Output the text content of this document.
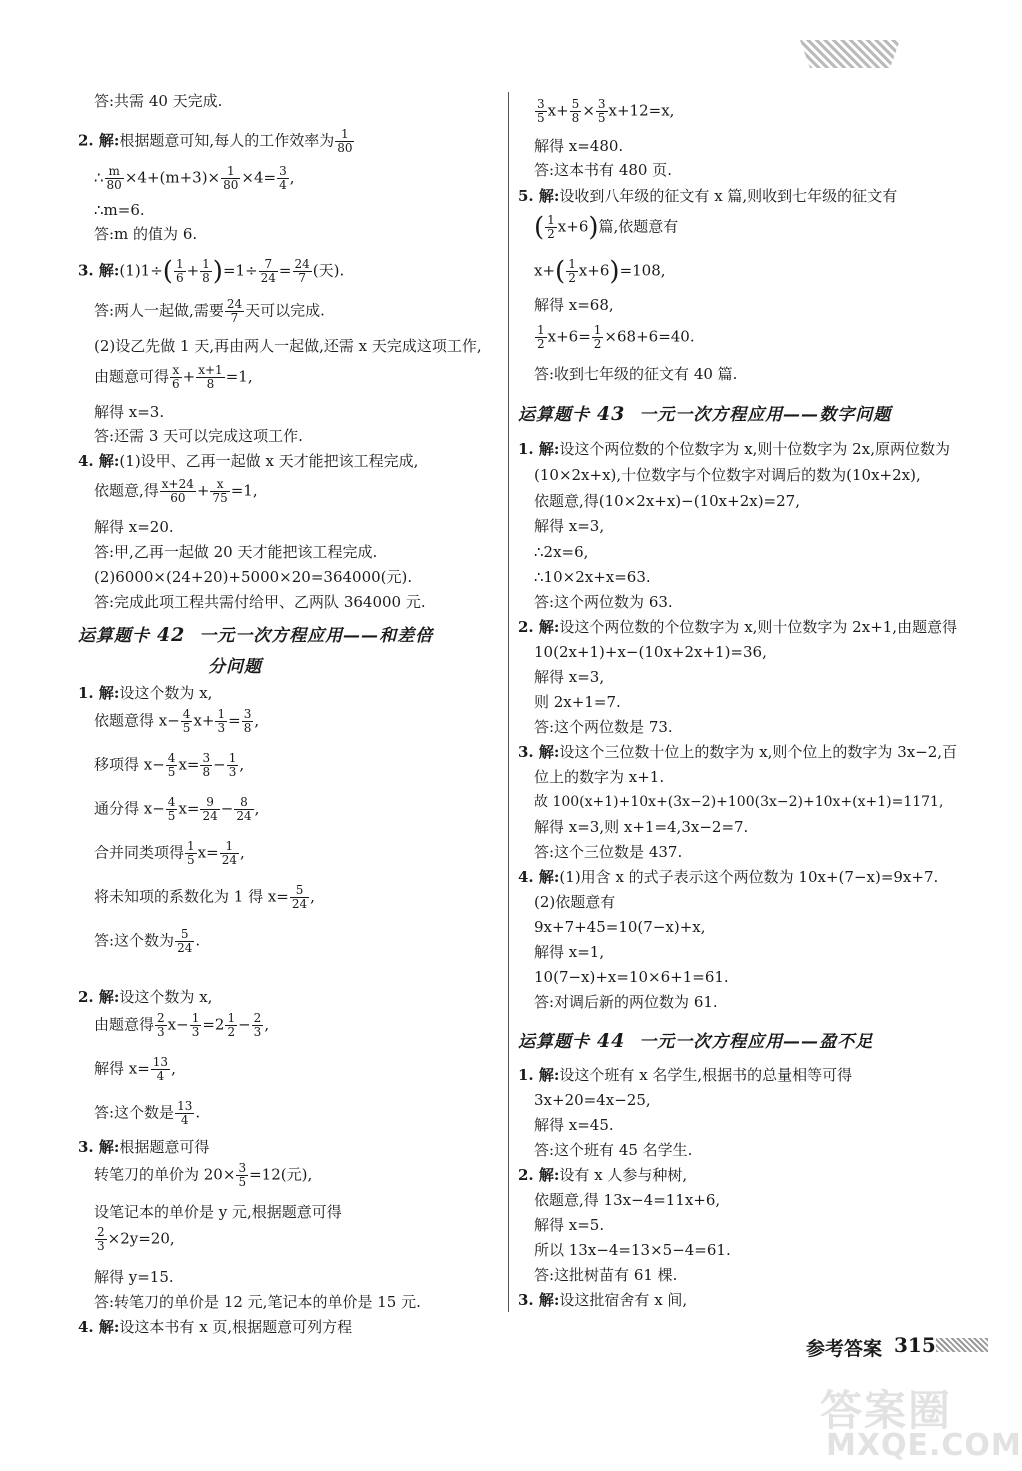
答:共需 40 天完成.
2. 解:根据题意可知,每人的工作效率为 $\frac{1}{80}$
∴ $\frac{m}{80} \times 4+(m+3)\times \frac{1}{80} \times 4= \frac{3}{4}$ ,
∴m=6.
答:m 的值为 6.
3. 解:(1)1÷( $\frac{1}{6} + \frac{1}{8} )=1\div \frac{7}{24} = \frac{24}{7}$ (天).
答:两人一起做,需要 $\frac{24}{7}$ 天可以完成.
(2)设乙先做 1 天,再由两人一起做,还需 x 天完成这项工作,
由题意可得 $\frac{x}{6} + \frac{x+1}{8} =1$,
解得 x=3.
答:还需 3 天可以完成这项工作.
4. 解:(1)设甲、乙再一起做 x 天才能把该工程完成,
依题意,得 $\frac{x+24}{60} + \frac{x}{75} =1$,
解得 x=20.
答:甲,乙再一起做 20 天才能把该工程完成.
(2)6000×(24+20)+5000×20=364000(元).
答:完成此项工程共需付给甲、乙两队 364000 元.
运算题卡 42 一元一次方程应用——和差倍
分问题
1. 解:设这个数为 x,
依题意得 $x- \frac{4}{5} x+ \frac{1}{3} = \frac{3}{8}$ ,
移项得 $x- \frac{4}{5} x= \frac{3}{8} - \frac{1}{3}$ ,
通分得 $x- \frac{4}{5} x= \frac{9}{24} - \frac{8}{24}$ ,
合并同类项得 $\frac{1}{5} x= \frac{1}{24}$ ,
将未知项的系数化为 1 得 $x= \frac{5}{24}$ ,
答:这个数为 $\frac{5}{24}$ .
2. 解:设这个数为 x,
由题意得 $\frac{2}{3} x- \frac{1}{3} =2 \frac{1}{2} - \frac{2}{3}$ ,
解得 $x= \frac{13}{4}$ ,
答:这个数是 $\frac{13}{4}$ .
3. 解:根据题意可得
转笔刀的单价为 $20\times \frac{3}{5} =12$(元),
设笔记本的单价是 y 元,根据题意可得
$\frac{2}{3} \times 2y=20$,
解得 y=15.
答:转笔刀的单价是 12 元,笔记本的单价是 15 元.
4. 解:设这本书有 x 页,根据题意可列方程
$\frac{3}{5} x+ \frac{5}{8} \times \frac{3}{5} x+12=x$,
解得 x=480.
答:这本书有 480 页.
5. 解:设收到八年级的征文有 x 篇,则收到七年级的征文有
( $\frac{1}{2} x+6$)篇,依题意有
$x+( \frac{1}{2} x+6)=108$,
解得 x=68,
$\frac{1}{2} x+6= \frac{1}{2} \times 68+6=40$.
答:收到七年级的征文有 40 篇.
运算题卡 43 一元一次方程应用——数字问题
1. 解:设这个两位数的个位数字为 x,则十位数字为 2x,原两位数为
(10×2x+x),十位数字与个位数字对调后的数为(10x+2x),
依题意,得(10×2x+x)−(10x+2x)=27,
解得 x=3,
∴2x=6,
∴10×2x+x=63.
答:这个两位数为 63.
2. 解:设这个两位数的个位数字为 x,则十位数字为 2x+1,由题意得
10(2x+1)+x−(10x+2x+1)=36,
解得 x=3,
则 2x+1=7.
答:这个两位数是 73.
3. 解:设这个三位数十位上的数字为 x,则个位上的数字为 3x−2,百
位上的数字为 x+1.
故 100(x+1)+10x+(3x−2)+100(3x−2)+10x+(x+1)=1171,
解得 x=3,则 x+1=4,3x−2=7.
答:这个三位数是 437.
4. 解:(1)用含 x 的式子表示这个两位数为 10x+(7−x)=9x+7.
(2)依题意有
9x+7+45=10(7−x)+x,
解得 x=1,
10(7−x)+x=10×6+1=61.
答:对调后新的两位数为 61.
运算题卡 44 一元一次方程应用——盈不足
1. 解:设这个班有 x 名学生,根据书的总量相等可得
3x+20=4x−25,
解得 x=45.
答:这个班有 45 名学生.
2. 解:设有 x 人参与种树,
依题意,得 13x−4=11x+6,
解得 x=5.
所以 13x−4=13×5−4=61.
答:这批树苗有 61 棵.
3. 解:设这批宿舍有 x 间,
参考答案 315
答案圈
MXQE.COM
